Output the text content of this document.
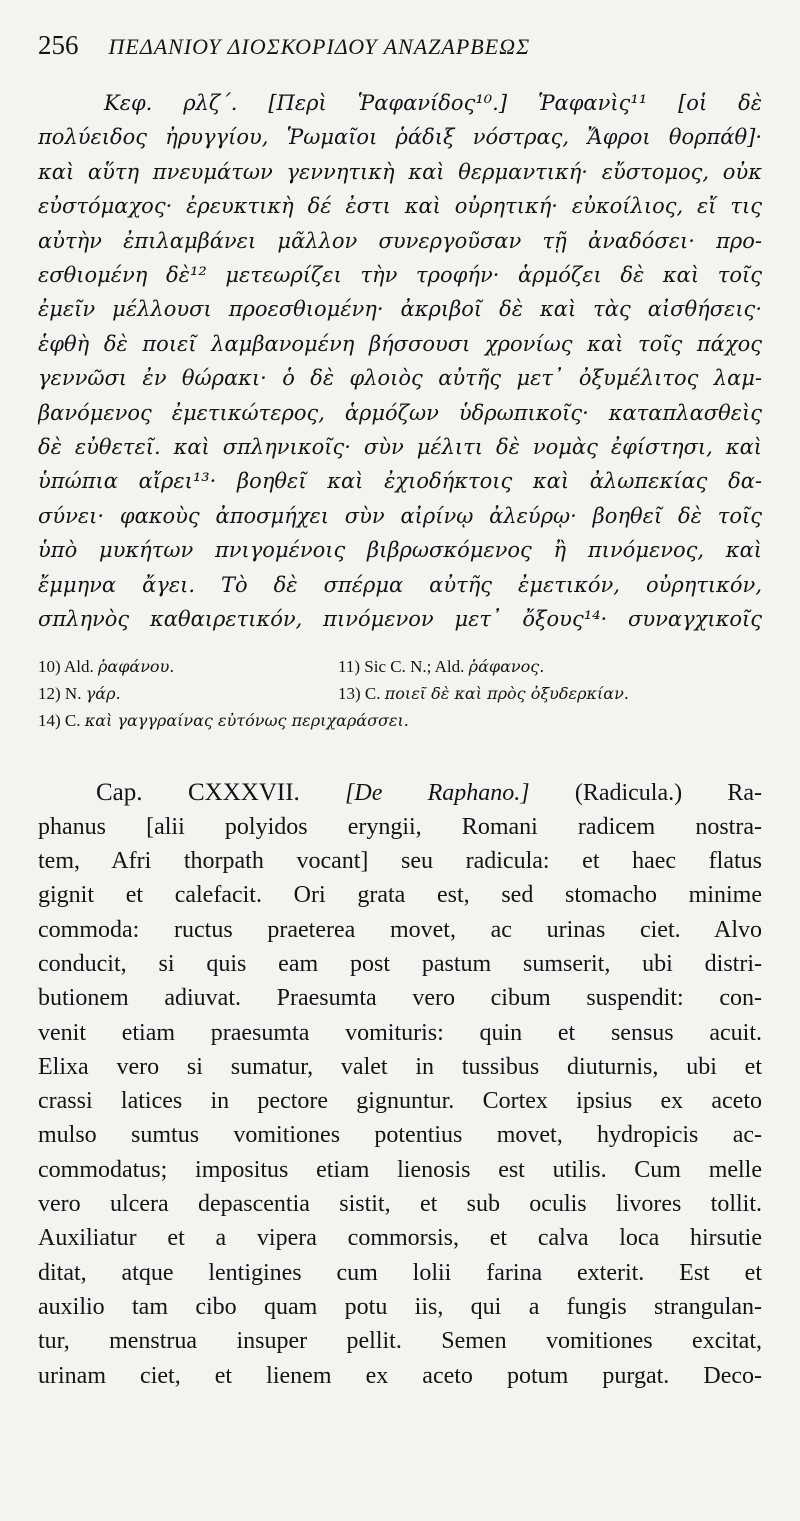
256 ΠΕΔΑΝΙΟΥ ΔΙΟΣΚΟΡΙΔΟΥ ΑΝΑΖΑΡΒΕΩΣ
Κεφ. ρλζ΄. [Περὶ Ῥαφανίδος¹⁰.] Ῥαφανὶς¹¹ [οἱ δὲ
πολύειδος ἠρυγγίου, Ῥωμαῖοι ῥάδιξ νόστρας, Ἄφροι θορπάθ]·
καὶ αὕτη πνευμάτων γεννητικὴ καὶ θερμαντική· εὔστομος, οὐκ
εὐστόμαχος· ἐρευκτικὴ δέ ἐστι καὶ οὐρητική· εὐκοίλιος, εἴ τις
αὐτὴν ἐπιλαμβάνει μᾶλλον συνεργοῦσαν τῇ ἀναδόσει· προ-
εσθιομένη δὲ¹² μετεωρίζει τὴν τροφήν· ἁρμόζει δὲ καὶ τοῖς
ἐμεῖν μέλλουσι προεσθιομένη· ἀκριβοῖ δὲ καὶ τὰς αἰσθήσεις·
ἑφθὴ δὲ ποιεῖ λαμβανομένη βήσσουσι χρονίως καὶ τοῖς πάχος
γεννῶσι ἐν θώρακι· ὁ δὲ φλοιὸς αὐτῆς μετ᾽ ὀξυμέλιτος λαμ-
βανόμενος ἐμετικώτερος, ἁρμόζων ὑδρωπικοῖς· καταπλασθεὶς
δὲ εὐθετεῖ. καὶ σπληνικοῖς· σὺν μέλιτι δὲ νομὰς ἐφίστησι, καὶ
ὑπώπια αἴρει¹³· βοηθεῖ καὶ ἐχιοδήκτοις καὶ ἀλωπεκίας δα-
σύνει· φακοὺς ἀποσμήχει σὺν αἰρίνῳ ἀλεύρῳ· βοηθεῖ δὲ τοῖς
ὑπὸ μυκήτων πνιγομένοις βιβρωσκόμενος ἢ πινόμενος, καὶ
ἔμμηνα ἄγει. Τὸ δὲ σπέρμα αὐτῆς ἐμετικόν, οὐρητικόν,
σπληνὸς καθαιρετικόν, πινόμενον μετ᾽ ὄξους¹⁴· συναγχικοῖς
10) Ald. ῥαφάνου.	11) Sic C. N.; Ald. ῥάφανος.
12) N. γάρ.	13) C. ποιεῖ δὲ καὶ πρὸς ὀξυδερκίαν.
14) C. καὶ γαγγραίνας εὐτόνως περιχαράσσει.
Cap. CXXXVII. [De Raphano.] (Radicula.) Ra-
phanus [alii polyidos eryngii, Romani radicem nostra-
tem, Afri thorpath vocant] seu radicula: et haec flatus
gignit et calefacit. Ori grata est, sed stomacho minime
commoda: ructus praeterea movet, ac urinas ciet. Alvo
conducit, si quis eam post pastum sumserit, ubi distri-
butionem adiuvat. Praesumta vero cibum suspendit: con-
venit etiam praesumta vomituris: quin et sensus acuit.
Elixa vero si sumatur, valet in tussibus diuturnis, ubi et
crassi latices in pectore gignuntur. Cortex ipsius ex aceto
mulso sumtus vomitiones potentius movet, hydropicis ac-
commodatus; impositus etiam lienosis est utilis. Cum melle
vero ulcera depascentia sistit, et sub oculis livores tollit.
Auxiliatur et a vipera commorsis, et calva loca hirsutie
ditat, atque lentigines cum lolii farina exterit. Est et
auxilio tam cibo quam potu iis, qui a fungis strangulan-
tur, menstrua insuper pellit. Semen vomitiones excitat,
urinam ciet, et lienem ex aceto potum purgat. Deco-
